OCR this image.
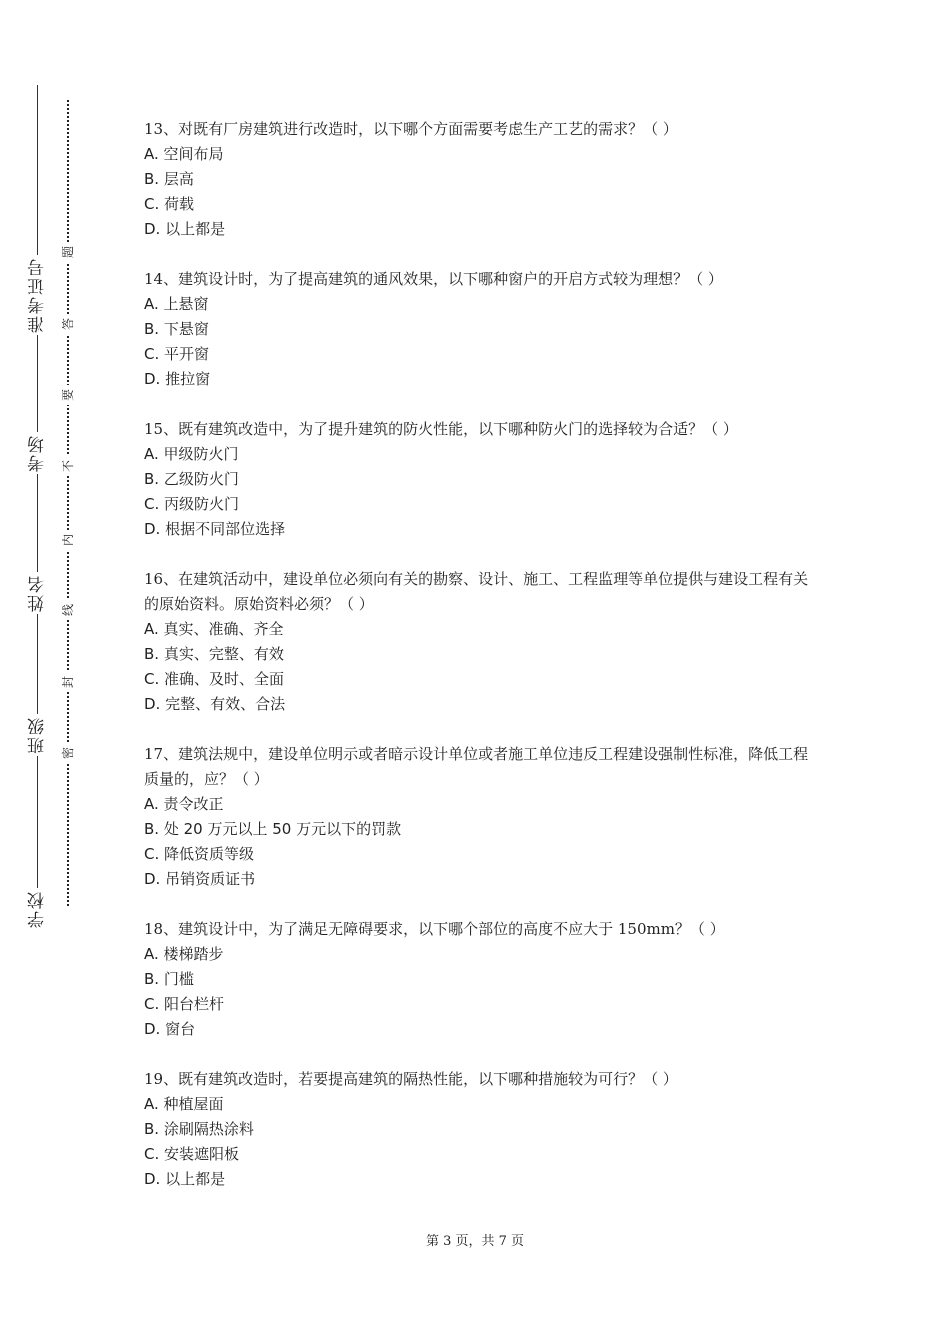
准考证号
考场
姓名
班级
学校
题
答
要
不
内
线
封
密

13、对既有厂房建筑进行改造时，以下哪个方面需要考虑生产工艺的需求？（ ）

A. 空间布局

B. 层高

C. 荷载

D. 以上都是

14、建筑设计时，为了提高建筑的通风效果，以下哪种窗户的开启方式较为理想？（ ）

A. 上悬窗

B. 下悬窗

C. 平开窗

D. 推拉窗

15、既有建筑改造中，为了提升建筑的防火性能，以下哪种防火门的选择较为合适？（ ）

A. 甲级防火门

B. 乙级防火门

C. 丙级防火门

D. 根据不同部位选择

16、在建筑活动中，建设单位必须向有关的勘察、设计、施工、工程监理等单位提供与建设工程有关的原始资料。原始资料必须？（ ）

A. 真实、准确、齐全

B. 真实、完整、有效

C. 准确、及时、全面

D. 完整、有效、合法

17、建筑法规中，建设单位明示或者暗示设计单位或者施工单位违反工程建设强制性标准，降低工程质量的，应？（ ）

A. 责令改正

B. 处 20 万元以上 50 万元以下的罚款

C. 降低资质等级

D. 吊销资质证书

18、建筑设计中，为了满足无障碍要求，以下哪个部位的高度不应大于 150mm？（ ）

A. 楼梯踏步

B. 门槛

C. 阳台栏杆

D. 窗台

19、既有建筑改造时，若要提高建筑的隔热性能，以下哪种措施较为可行？（ ）

A. 种植屋面

B. 涂刷隔热涂料

C. 安装遮阳板

D. 以上都是

第 3 页，共 7 页
